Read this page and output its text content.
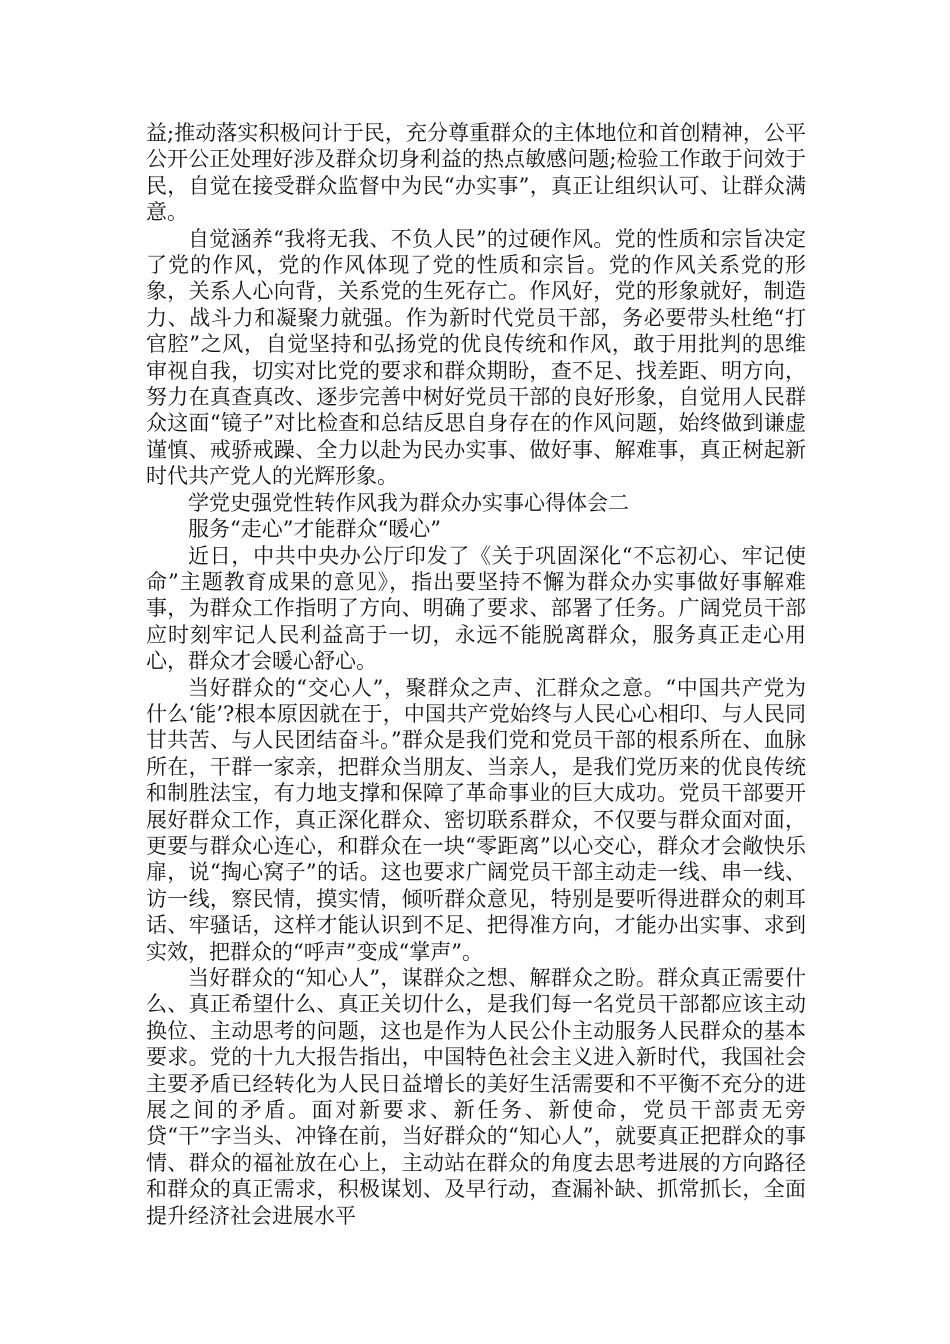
益;推动落实积极问计于民，充分尊重群众的主体地位和首创精神，公平公开公正处理好涉及群众切身利益的热点敏感问题;检验工作敢于问效于民，自觉在接受群众监督中为民“办实事”，真正让组织认可、让群众满意。

自觉涵养“我将无我、不负人民”的过硬作风。党的性质和宗旨决定了党的作风，党的作风体现了党的性质和宗旨。党的作风关系党的形象，关系人心向背，关系党的生死存亡。作风好，党的形象就好，制造力、战斗力和凝聚力就强。作为新时代党员干部，务必要带头杜绝“打官腔”之风，自觉坚持和弘扬党的优良传统和作风，敢于用批判的思维审视自我，切实对比党的要求和群众期盼，查不足、找差距、明方向，努力在真查真改、逐步完善中树好党员干部的良好形象，自觉用人民群众这面“镜子”对比检查和总结反思自身存在的作风问题，始终做到谦虚谨慎、戒骄戒躁、全力以赴为民办实事、做好事、解难事，真正树起新时代共产党人的光辉形象。

学党史强党性转作风我为群众办实事心得体会二

服务“走心”才能群众“暖心”

近日，中共中央办公厅印发了《关于巩固深化“不忘初心、牢记使命”主题教育成果的意见》，指出要坚持不懈为群众办实事做好事解难事，为群众工作指明了方向、明确了要求、部署了任务。广阔党员干部应时刻牢记人民利益高于一切，永远不能脱离群众，服务真正走心用心，群众才会暖心舒心。

当好群众的“交心人”，聚群众之声、汇群众之意。“中国共产党为什么‘能’?根本原因就在于，中国共产党始终与人民心心相印、与人民同甘共苦、与人民团结奋斗。”群众是我们党和党员干部的根系所在、血脉所在，干群一家亲，把群众当朋友、当亲人，是我们党历来的优良传统和制胜法宝，有力地支撑和保障了革命事业的巨大成功。党员干部要开展好群众工作，真正深化群众、密切联系群众，不仅要与群众面对面，更要与群众心连心，和群众在一块“零距离”以心交心，群众才会敞快乐扉，说“掏心窝子”的话。这也要求广阔党员干部主动走一线、串一线、访一线，察民情，摸实情，倾听群众意见，特别是要听得进群众的刺耳话、牢骚话，这样才能认识到不足、把得准方向，才能办出实事、求到实效，把群众的“呼声”变成“掌声”。

当好群众的“知心人”，谋群众之想、解群众之盼。群众真正需要什么、真正希望什么、真正关切什么，是我们每一名党员干部都应该主动换位、主动思考的问题，这也是作为人民公仆主动服务人民群众的基本要求。党的十九大报告指出，中国特色社会主义进入新时代，我国社会主要矛盾已经转化为人民日益增长的美好生活需要和不平衡不充分的进展之间的矛盾。面对新要求、新任务、新使命，党员干部责无旁贷“干”字当头、冲锋在前，当好群众的“知心人”，就要真正把群众的事情、群众的福祉放在心上，主动站在群众的角度去思考进展的方向路径和群众的真正需求，积极谋划、及早行动，查漏补缺、抓常抓长，全面提升经济社会进展水平
